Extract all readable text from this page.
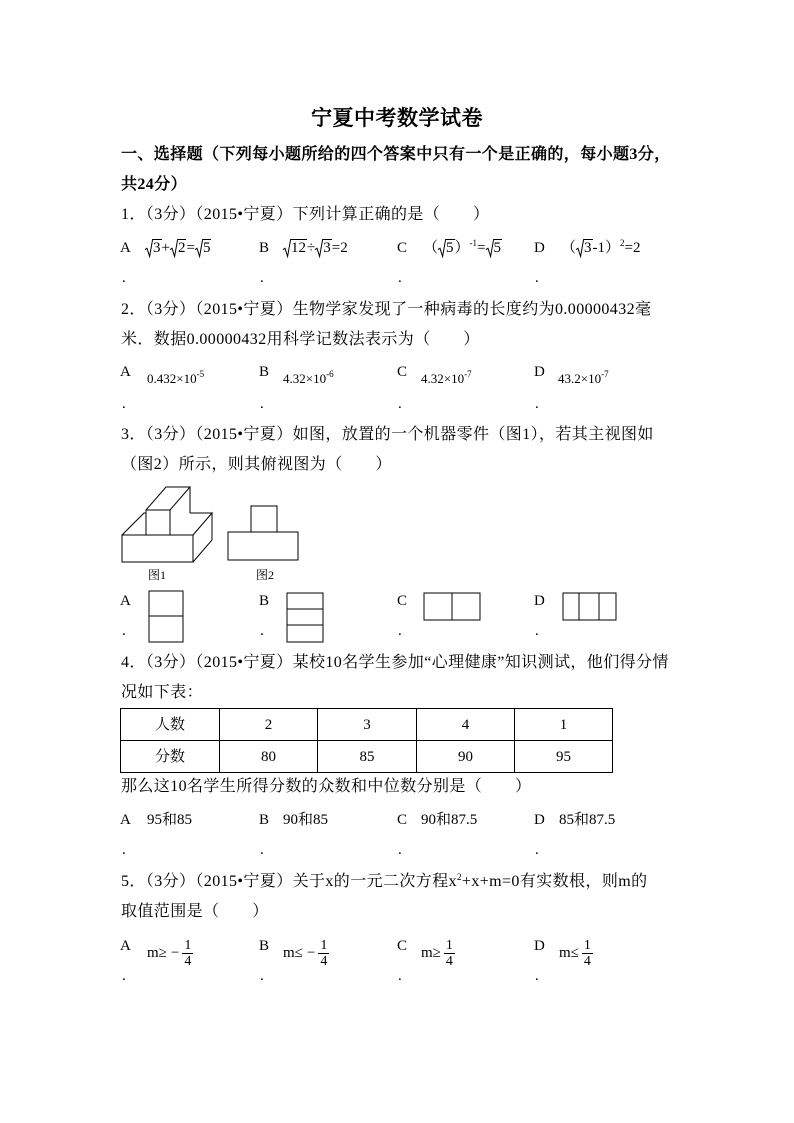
宁夏中考数学试卷
一、选择题（下列每小题所给的四个答案中只有一个是正确的，每小题3分，
共24分）
1．（3分）（2015•宁夏）下列计算正确的是（　　）
A	3+ 2= 5	B	12÷ 3=2	C （ 5）$^{-1}$= 5 D （ 3-1）$^2$=2
.	.	.	.
2．（3分）（2015•宁夏）生物学家发现了一种病毒的长度约为0.00000432毫
米．数据0.00000432用科学记数法表示为（　　）
A $0.432\times 10^{-5}$	B $4.32\times 10^{-6}$	C $4.32\times 10^{-7}$	D $43.2\times 10^{-7}$
.	.	.	.
3．（3分）（2015•宁夏）如图，放置的一个机器零件（图1），若其主视图如
（图2）所示，则其俯视图为（　　）
图1	图2
A	B	C	D
.	.	.	.
4．（3分）（2015•宁夏）某校10名学生参加“心理健康”知识测试，他们得分情
况如下表：
人数	2	3	4	1
分数	80	85	90	95
那么这10名学生所得分数的众数和中位数分别是（　　）
A 95和85	B 90和85	C 90和87.5	D 85和87.5
.	.	.	.
5．（3分）（2015•宁夏）关于x的一元二次方程$x^2+x+m=0$有实数根，则m的
取值范围是（　　）
A $m\ge - \frac{1}{4}$	B $m\le - \frac{1}{4}$	C $m\ge \frac{1}{4}$	D $m\le \frac{1}{4}$
.	.	.	.
